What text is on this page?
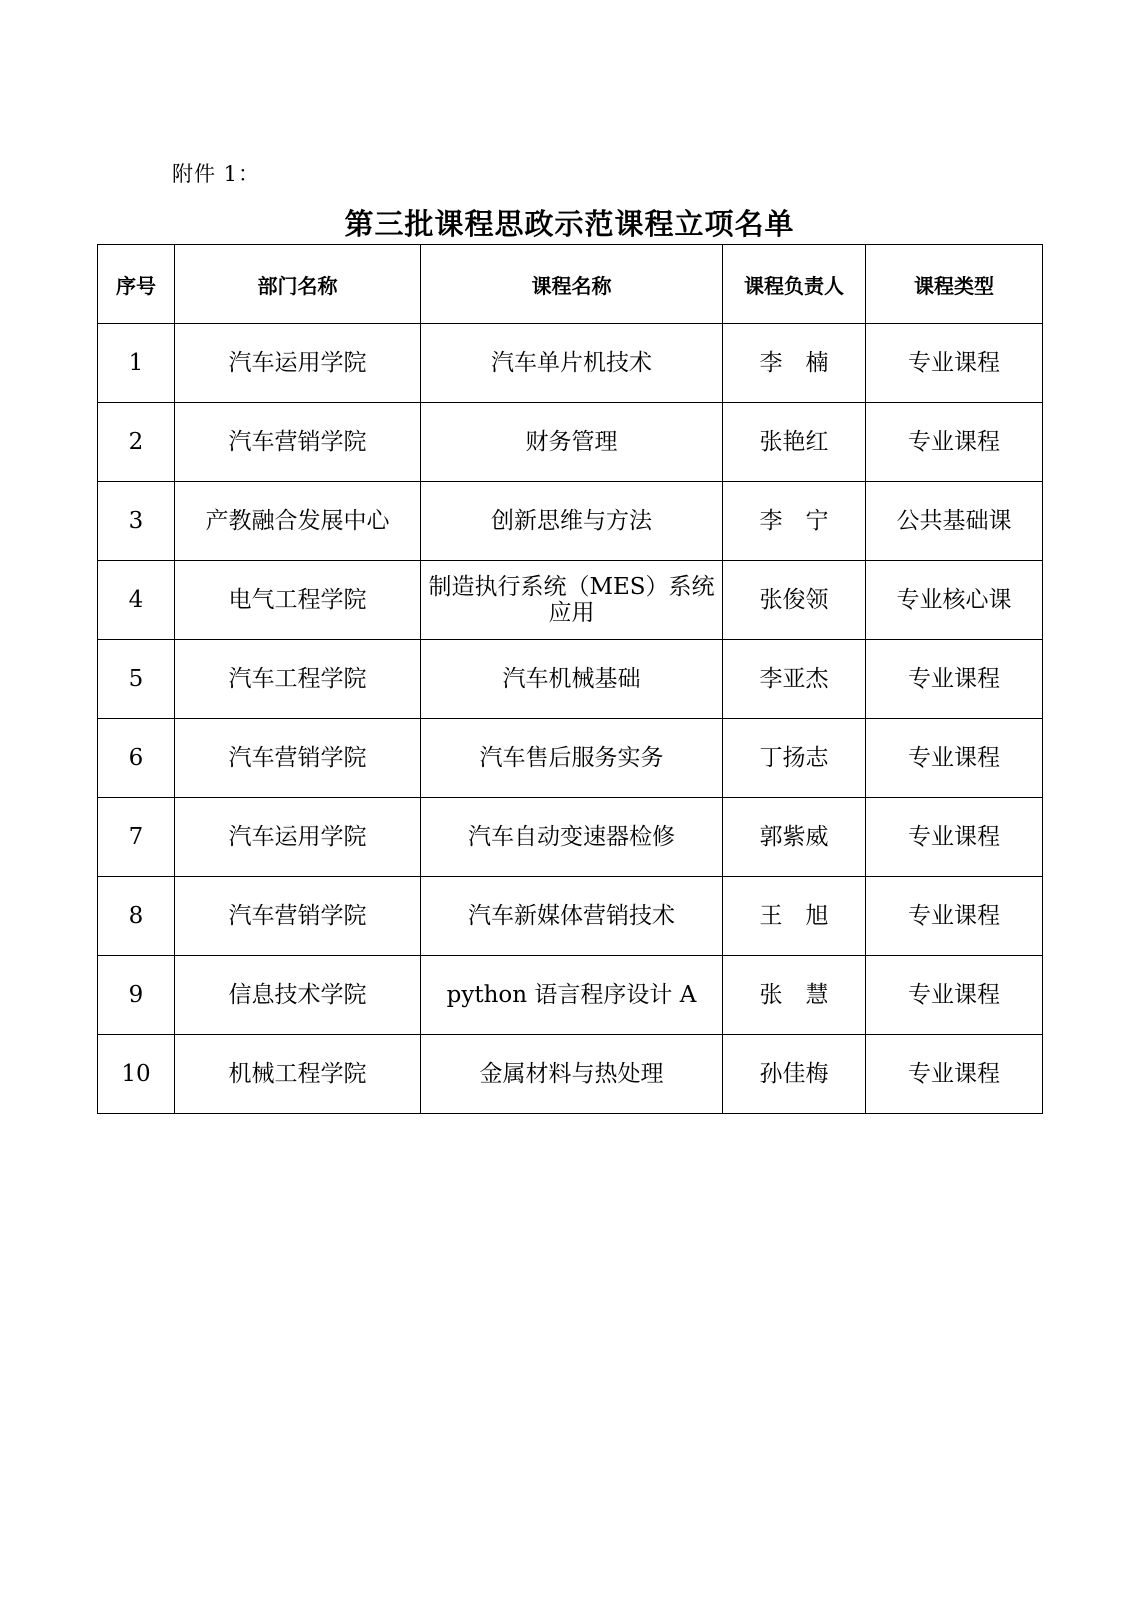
附件 1：
第三批课程思政示范课程立项名单
序号	部门名称	课程名称	课程负责人	课程类型
1	汽车运用学院	汽车单片机技术	李　楠	专业课程
2	汽车营销学院	财务管理	张艳红	专业课程
3	产教融合发展中心	创新思维与方法	李　宁	公共基础课
4	电气工程学院	制造执行系统（MES）系统应用	张俊领	专业核心课
5	汽车工程学院	汽车机械基础	李亚杰	专业课程
6	汽车营销学院	汽车售后服务实务	丁扬志	专业课程
7	汽车运用学院	汽车自动变速器检修	郭紫威	专业课程
8	汽车营销学院	汽车新媒体营销技术	王　旭	专业课程
9	信息技术学院	python 语言程序设计 A	张　慧	专业课程
10	机械工程学院	金属材料与热处理	孙佳梅	专业课程
